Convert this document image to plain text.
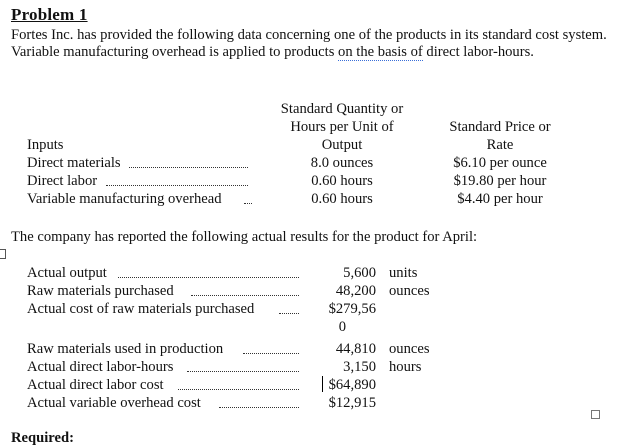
Problem 1
Fortes Inc. has provided the following data concerning one of the products in its standard cost system. Variable manufacturing overhead is applied to products on the basis of direct labor-hours.
Standard Quantity or
Hours per Unit of
Output
Standard Price or
Rate
Inputs
Direct materials	8.0 ounces	$6.10 per ounce
Direct labor	0.60 hours	$19.80 per hour
Variable manufacturing overhead	0.60 hours	$4.40 per hour
The company has reported the following actual results for the product for April:
Actual output	5,600 units
Raw materials purchased	48,200 ounces
Actual cost of raw materials purchased	$279,56
0
Raw materials used in production	44,810 ounces
Actual direct labor-hours	3,150 hours
Actual direct labor cost	$64,890
Actual variable overhead cost	$12,915
Required:
